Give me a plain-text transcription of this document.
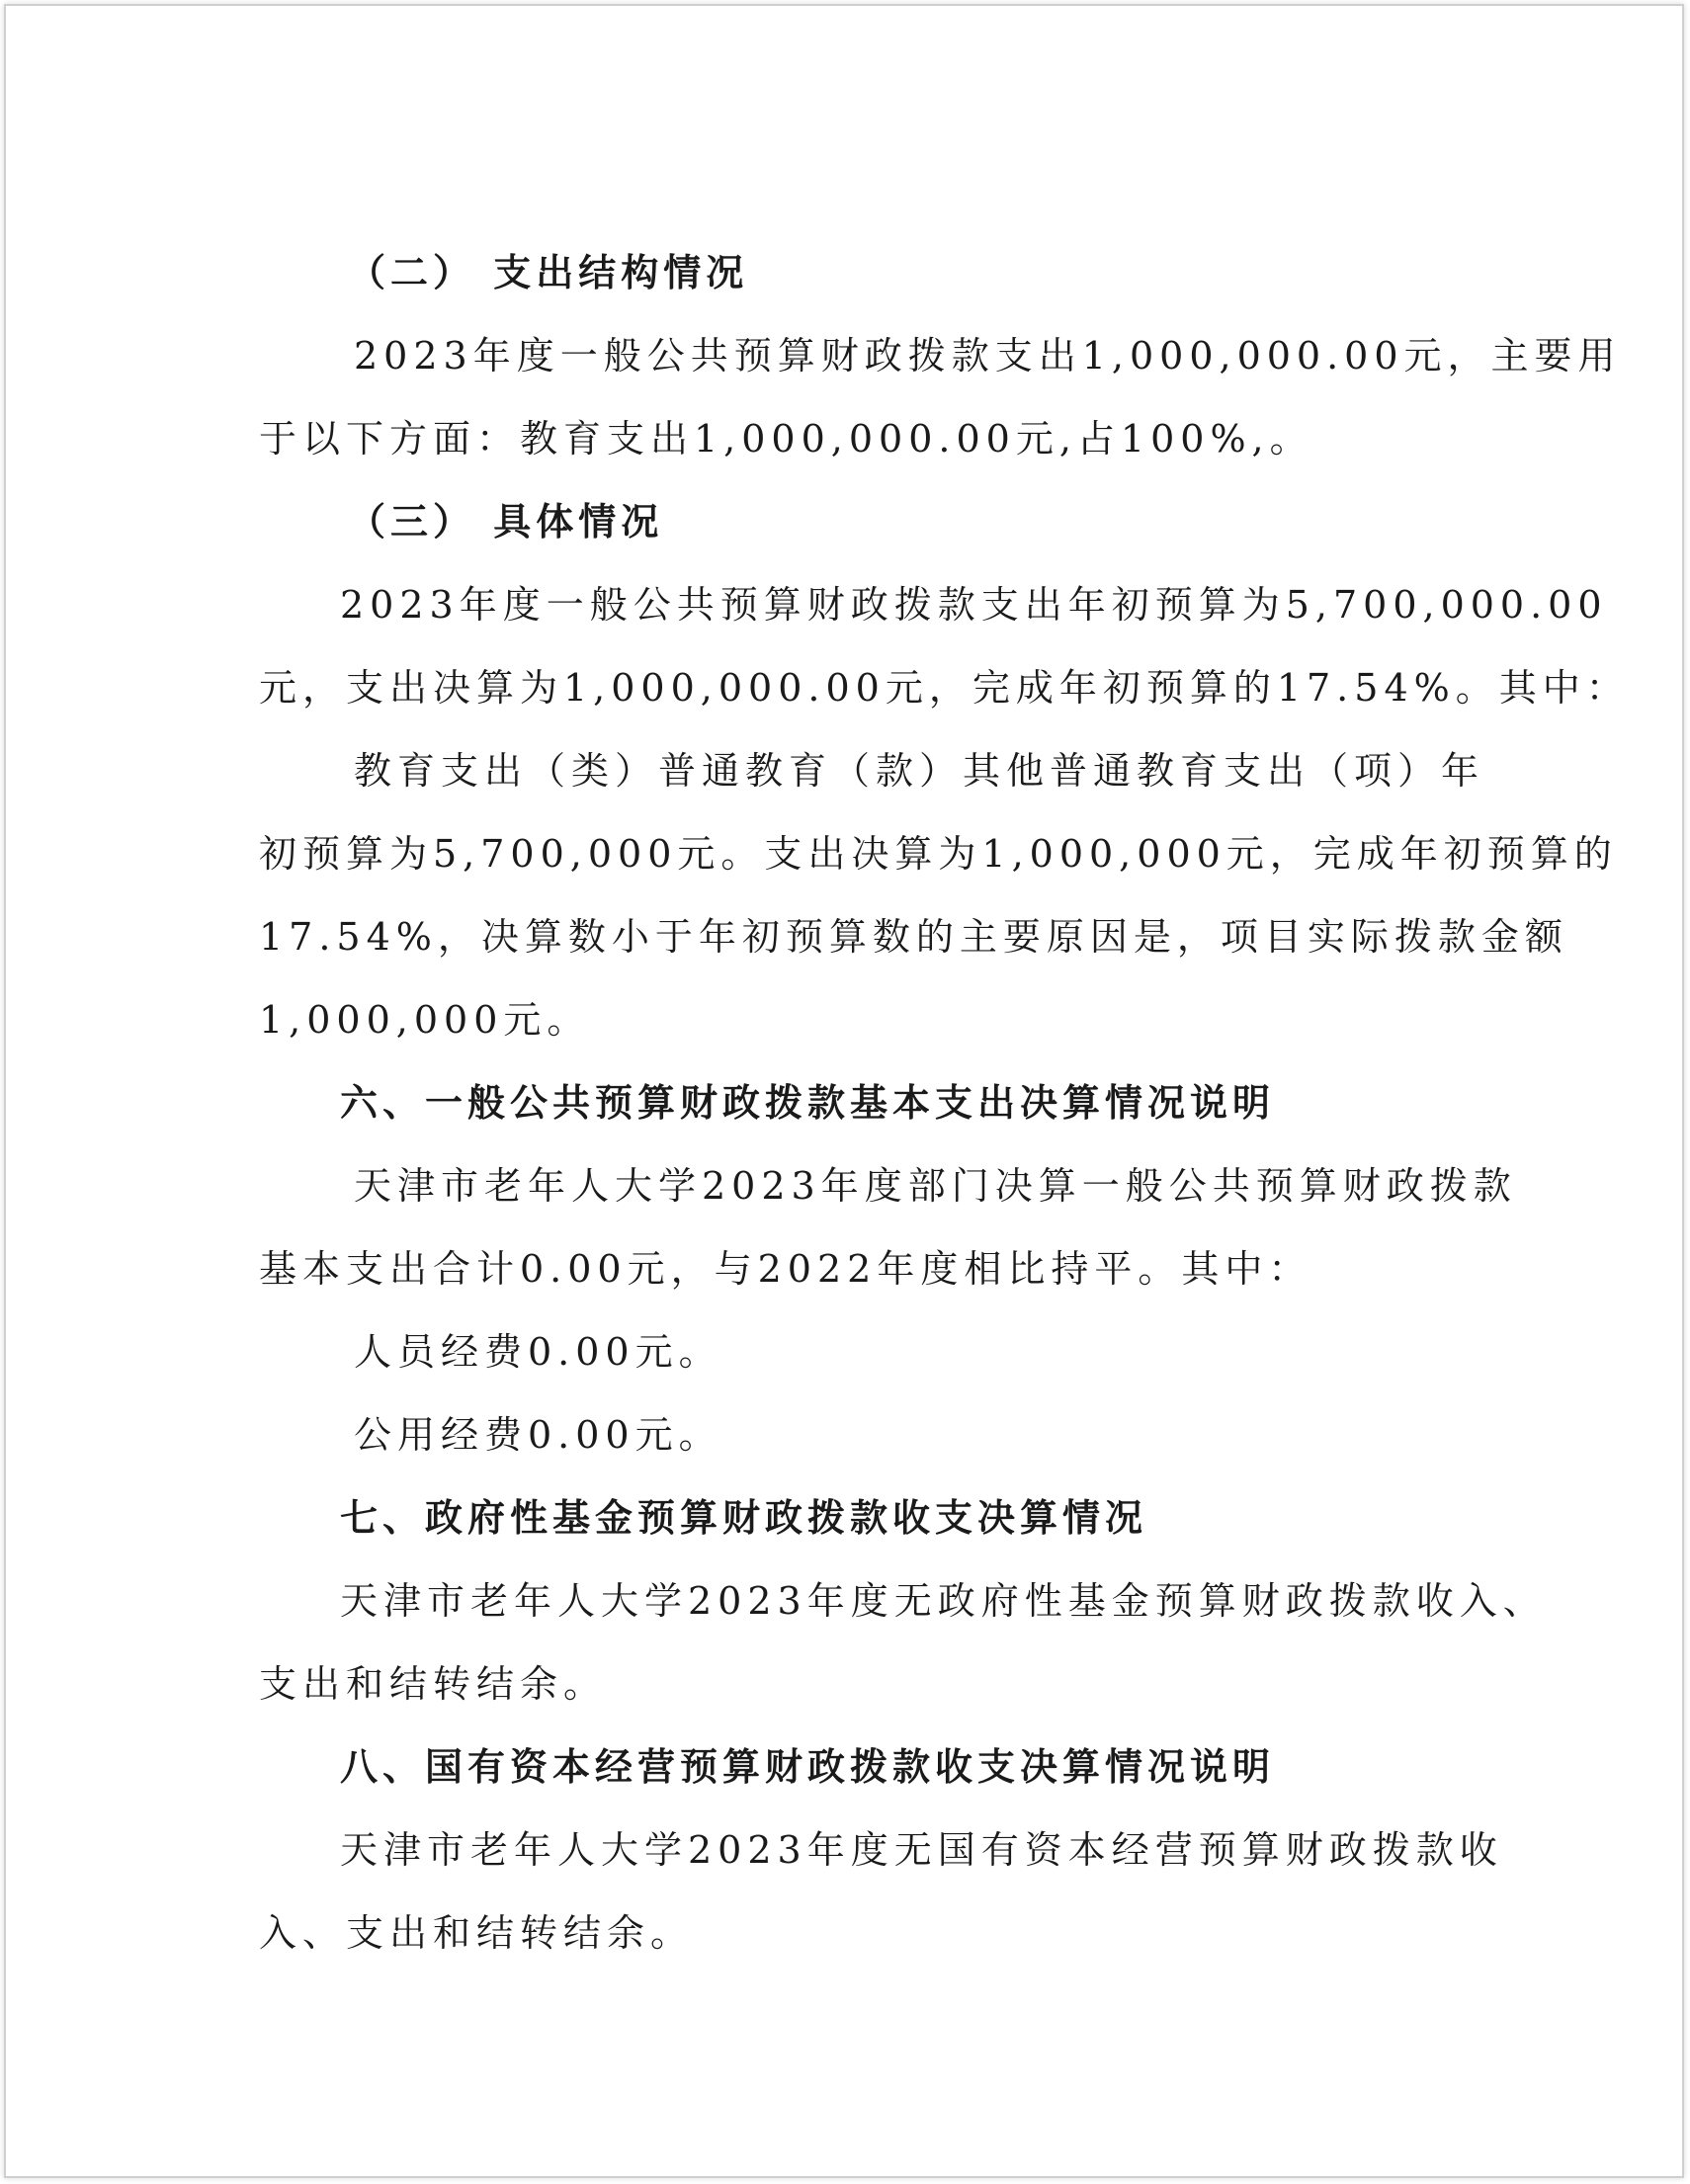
（二） 支出结构情况
2023年度一般公共预算财政拨款支出1,000,000.00元，主要用
于以下方面：教育支出1,000,000.00元,占100%,。
（三） 具体情况
2023年度一般公共预算财政拨款支出年初预算为5,700,000.00
元，支出决算为1,000,000.00元，完成年初预算的17.54%。其中：
教育支出（类）普通教育（款）其他普通教育支出（项）年
初预算为5,700,000元。支出决算为1,000,000元，完成年初预算的
17.54%，决算数小于年初预算数的主要原因是，项目实际拨款金额
1,000,000元。
六、一般公共预算财政拨款基本支出决算情况说明
天津市老年人大学2023年度部门决算一般公共预算财政拨款
基本支出合计0.00元，与2022年度相比持平。其中：
人员经费0.00元。
公用经费0.00元。
七、政府性基金预算财政拨款收支决算情况
天津市老年人大学2023年度无政府性基金预算财政拨款收入、
支出和结转结余。
八、国有资本经营预算财政拨款收支决算情况说明
天津市老年人大学2023年度无国有资本经营预算财政拨款收
入、支出和结转结余。
